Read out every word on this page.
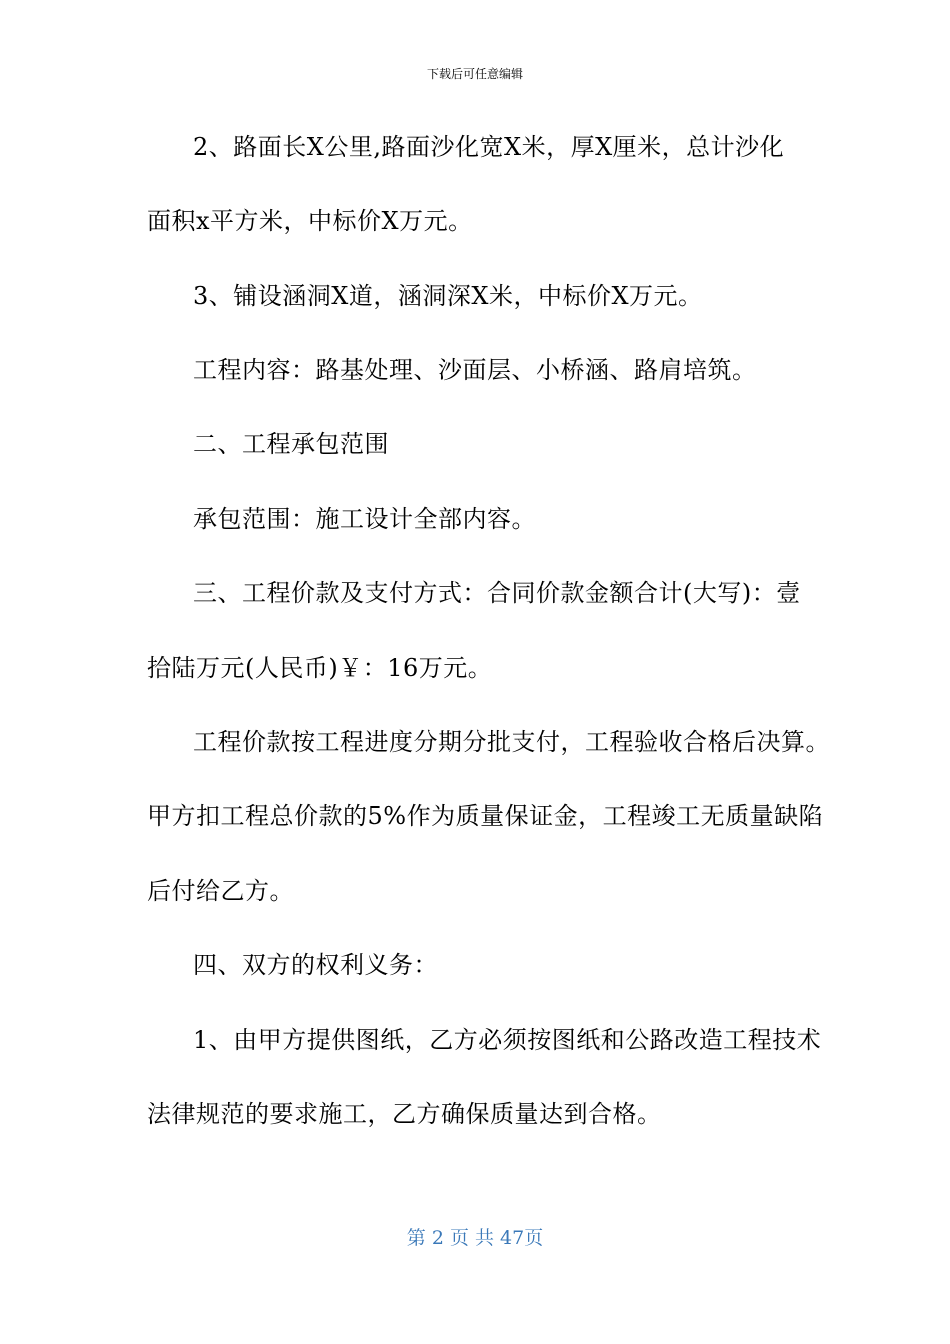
下载后可任意编辑
2、路面长X公里,路面沙化宽X米，厚X厘米，总计沙化
面积x平方米，中标价X万元。
3、铺设涵洞X道，涵洞深X米，中标价X万元。
工程内容：路基处理、沙面层、小桥涵、路肩培筑。
二、工程承包范围
承包范围：施工设计全部内容。
三、工程价款及支付方式：合同价款金额合计(大写)：壹
拾陆万元(人民币)￥：16万元。
工程价款按工程进度分期分批支付，工程验收合格后决算。
甲方扣工程总价款的5%作为质量保证金，工程竣工无质量缺陷
后付给乙方。
四、双方的权利义务：
1、由甲方提供图纸，乙方必须按图纸和公路改造工程技术
法律规范的要求施工，乙方确保质量达到合格。
第 2 页 共 47页
